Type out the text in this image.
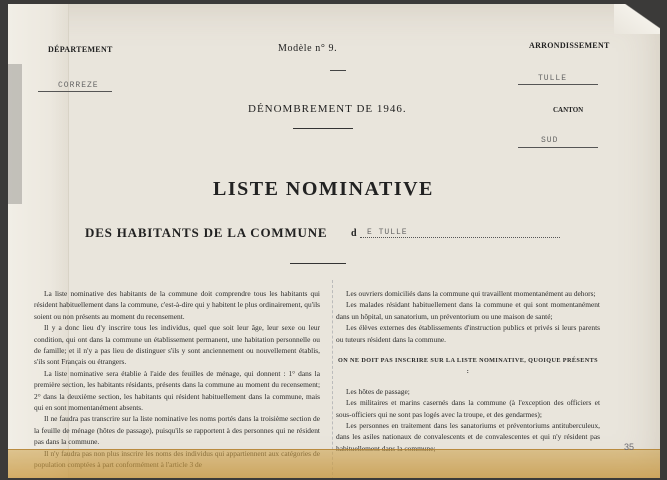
DÉPARTEMENT
CORREZE
Modèle n° 9.	ARRONDISSEMENT
TULLE
DÉNOMBREMENT DE 1946.	CANTON
SUD
LISTE NOMINATIVE
DES HABITANTS DE LA COMMUNE d E TULLE

La liste nominative des habitants de la commune doit comprendre tous les habitants qui résident habituellement dans la commune, c'est-à-dire qui y habitent le plus ordinairement, qu'ils soient ou non présents au moment du recensement.

Il y a donc lieu d'y inscrire tous les individus, quel que soit leur âge, leur sexe ou leur condition, qui ont dans la commune un établissement permanent, une habitation personnelle ou de famille; et il n'y a pas lieu de distinguer s'ils y sont anciennement ou nouvellement établis, s'ils sont Français ou étrangers.

La liste nominative sera établie à l'aide des feuilles de ménage, qui donnent : 1° dans la première section, les habitants résidants, présents dans la commune au moment du recensement; 2° dans la deuxième section, les habitants qui résident habituellement dans la commune, mais qui en sont momentanément absents.

Il ne faudra pas transcrire sur la liste nominative les noms portés dans la troisième section de la feuille de ménage (hôtes de passage), puisqu'ils se rapportent à des personnes qui ne résident pas dans la commune.

Les ouvriers domiciliés dans la commune qui travaillent momentanément au dehors;

Les malades résidant habituellement dans la commune et qui sont momentanément dans un hôpital, un sanatorium, un préventorium ou une maison de santé;

Les élèves externes des établissements d'instruction publics et privés si leurs parents ou tuteurs résident dans la commune.

ON NE DOIT PAS INSCRIRE SUR LA LISTE NOMINATIVE, QUOIQUE PRÉSENTS :

Les hôtes de passage;

Les militaires et marins casernés dans la commune (à l'exception des officiers et sous-officiers qui ne sont pas logés avec la troupe, et des gendarmes);

Les personnes en traitement dans les sanatoriums et préventoriums antituberculeux, dans les asiles nationaux de convalescents et de convalescentes et qui n'y résident pas

35
